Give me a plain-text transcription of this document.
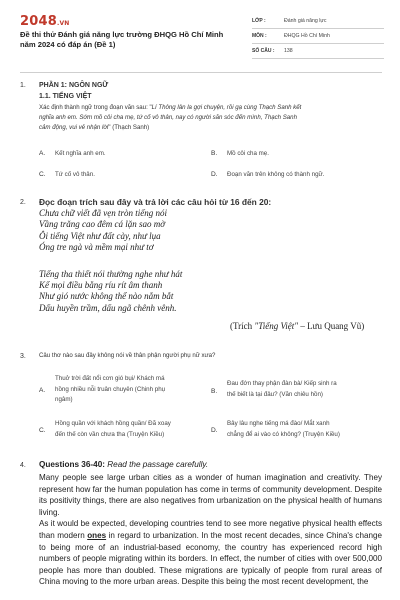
2048.VN
Đề thi thử Đánh giá năng lực trường ĐHQG Hồ Chí Minh năm 2024 có đáp án (Đề 1)
LỚP :	Đánh giá năng lực
MÔN :	ĐHQG Hồ Chí Minh
SỐ CÂU :	138
1. PHẦN 1: NGÔN NGỮ
1.1. TIẾNG VIỆT
Xác định thành ngữ trong đoạn văn sau: "Lí Thông lân la gợi chuyện, rồi gạ cùng Thạch Sanh kết
nghĩa anh em. Sớm mồ côi cha mẹ, tứ cố vô thân, nay có người săn sóc đến mình, Thạch Sanh
cảm động, vui vẻ nhận lời" (Thạch Sanh)
A. Kết nghĩa anh em.	B. Mồ côi cha mẹ.
C. Tứ cố vô thân.	D. Đoạn văn trên không có thành ngữ.
2. Đọc đoạn trích sau đây và trả lời các câu hỏi từ 16 đến 20:
Chưa chữ viết đã vẹn tròn tiếng nói
Vầng trăng cao đêm cá lặn sao mờ
Ôi tiếng Việt như đất cày, như lụa
Óng tre ngà và mềm mại như tơ
Tiếng tha thiết nói thường nghe như hát
Kể mọi điều bằng ríu rít âm thanh
Như gió nước không thể nào nắm bắt
Dấu huyền trầm, dấu ngã chênh vênh.
(Trích "Tiếng Việt" – Lưu Quang Vũ)
3. Câu thơ nào sau đây không nói về thân phận người phụ nữ xưa?
A.
Thuở trời đất nổi cơn gió bụi/ Khách má
hồng nhiều nỗi truân chuyên (Chinh phụ
ngâm)
B.
Đau đớn thay phận đàn bà/ Kiếp sinh ra
thế biết là tại đâu? (Văn chiêu hồn)
C.
Hồng quần với khách hồng quần/ Đã xoay
đến thế còn vần chưa tha (Truyện Kiều)	D.
Bây lâu nghe tiếng má đào/ Mắt xanh
chẳng để ai vào có không? (Truyện Kiều)
4. Questions 36-40: Read the passage carefully.

Many people see large urban cities as a wonder of human imagination and creativity. They represent how far the human population has come in terms of community development. Despite its positivity things, there are also negatives from urbanization on the physical health of humans living.

As it would be expected, developing countries tend to see more negative physical health effects than modern ones in regard to urbanization. In the most recent decades, since China's change to being more of an industrial-based economy, the country has experienced record high numbers of people migrating within its borders. In effect, the number of cities with over 500,000 people has more than doubled. These migrations are typically of people from rural areas of China moving to the more urban areas. Despite this being the most recent development, the
